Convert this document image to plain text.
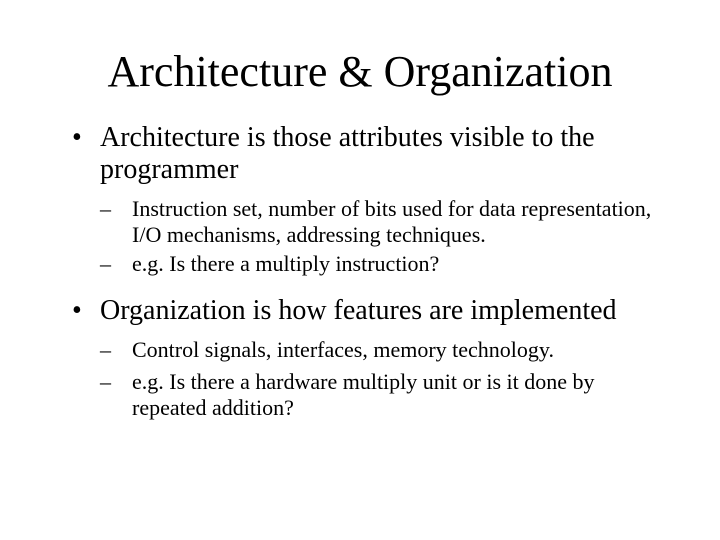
Architecture & Organization
• Architecture is those attributes visible to the programmer
– Instruction set, number of bits used for data representation, I/O mechanisms, addressing techniques.
– e.g. Is there a multiply instruction?
• Organization is how features are implemented
– Control signals, interfaces, memory technology.
– e.g. Is there a hardware multiply unit or is it done by repeated addition?
